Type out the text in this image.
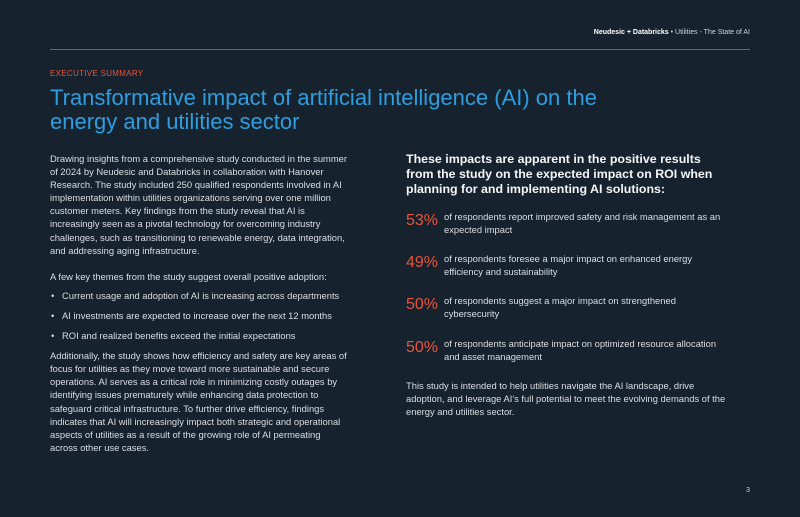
Neudesic + Databricks • Utilities - The State of AI
EXECUTIVE SUMMARY
Transformative impact of artificial intelligence (AI) on the energy and utilities sector

Drawing insights from a comprehensive study conducted in the summer of 2024 by Neudesic and Databricks in collaboration with Hanover Research. The study included 250 qualified respondents involved in AI implementation within utilities organizations serving over one million customer meters. Key findings from the study reveal that AI is increasingly seen as a pivotal technology for overcoming industry challenges, such as transitioning to renewable energy, data integration, and addressing aging infrastructure.

A few key themes from the study suggest overall positive adoption:

• Current usage and adoption of AI is increasing across departments
• AI investments are expected to increase over the next 12 months
• ROI and realized benefits exceed the initial expectations

Additionally, the study shows how efficiency and safety are key areas of focus for utilities as they move toward more sustainable and secure operations. AI serves as a critical role in minimizing costly outages by identifying issues prematurely while enhancing data protection to safeguard critical infrastructure. To further drive efficiency, findings indicates that AI will increasingly impact both strategic and operational aspects of utilities as a result of the growing role of AI permeating across other use cases.

These impacts are apparent in the positive results from the study on the expected impact on ROI when planning for and implementing AI solutions:

53% of respondents report improved safety and risk management as an expected impact
49% of respondents foresee a major impact on enhanced energy efficiency and sustainability
50% of respondents suggest a major impact on strengthened cybersecurity
50% of respondents anticipate impact on optimized resource allocation and asset management

This study is intended to help utilities navigate the AI landscape, drive adoption, and leverage AI's full potential to meet the evolving demands of the energy and utilities sector.

3
